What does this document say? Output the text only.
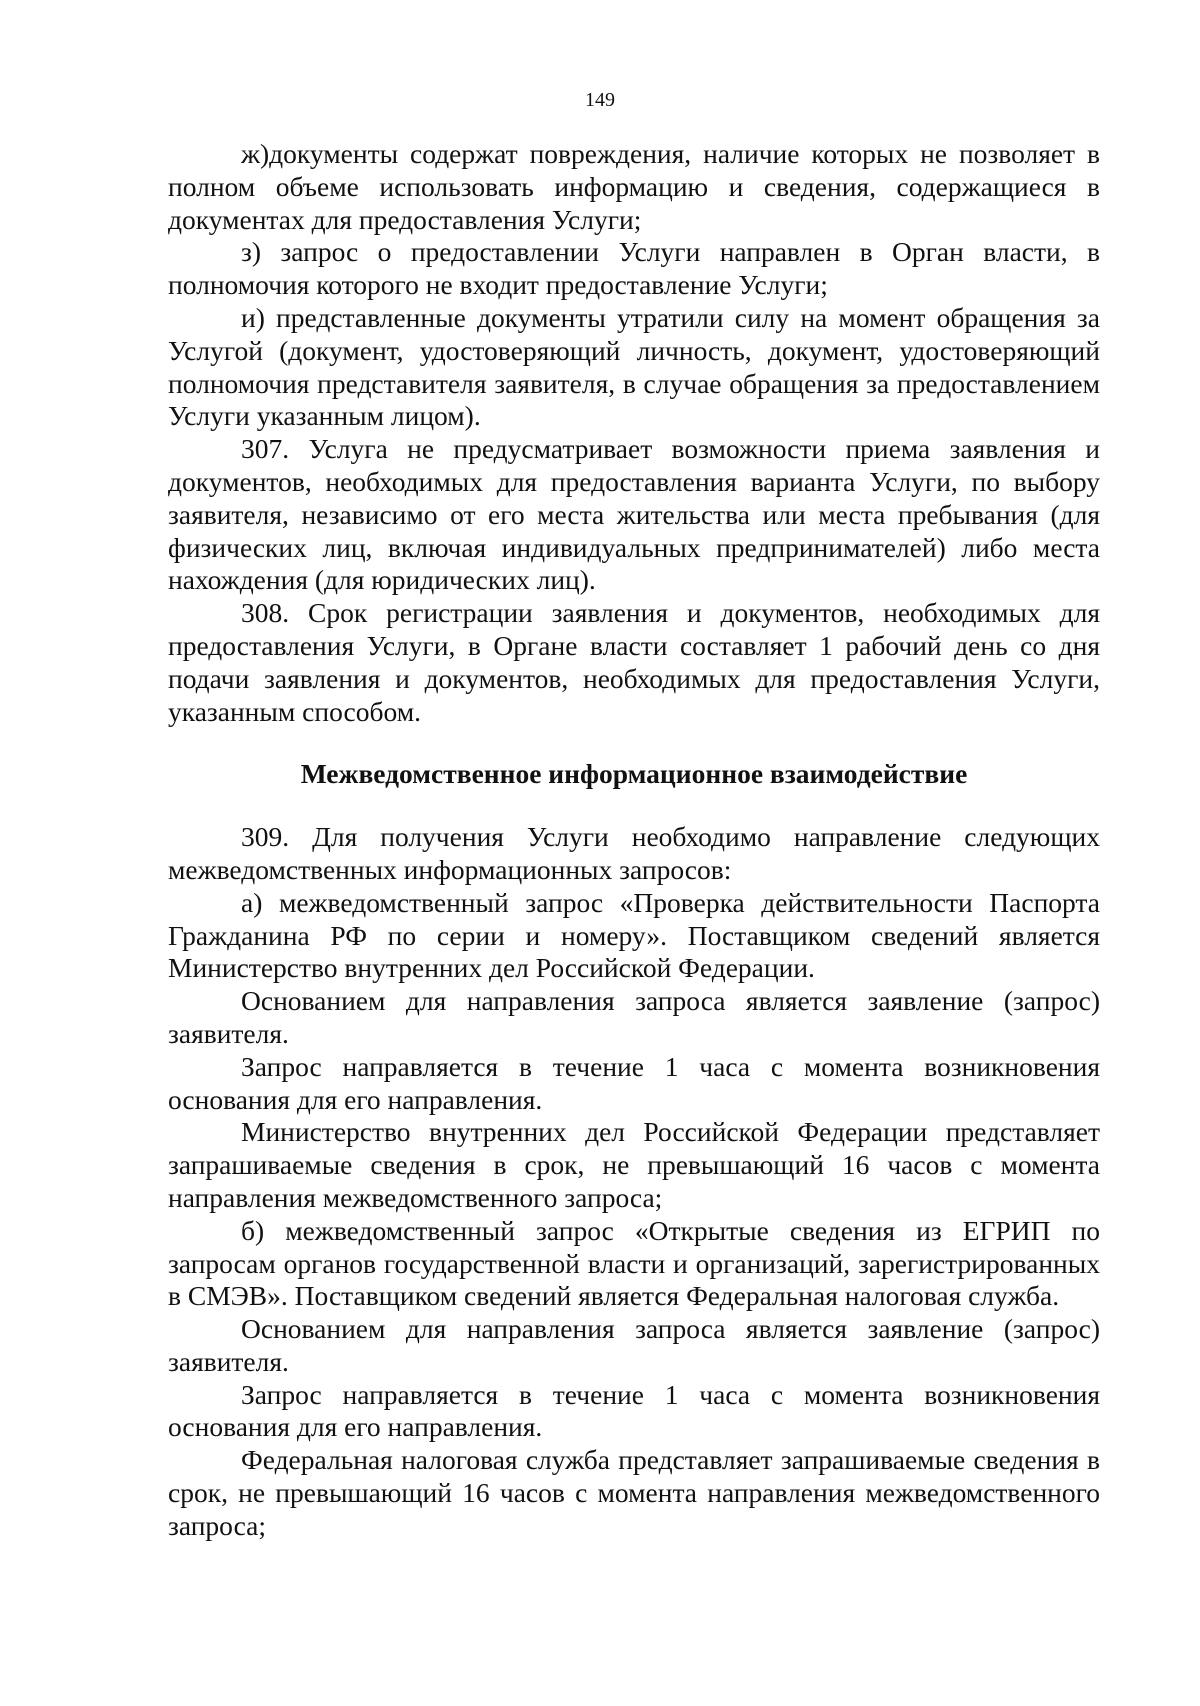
149

ж)документы содержат повреждения, наличие которых не позволяет в полном объеме использовать информацию и сведения, содержащиеся в документах для предоставления Услуги;

з) запрос о предоставлении Услуги направлен в Орган власти, в полномочия которого не входит предоставление Услуги;

и) представленные документы утратили силу на момент обращения за Услугой (документ, удостоверяющий личность, документ, удостоверяющий полномочия представителя заявителя, в случае обращения за предоставлением Услуги указанным лицом).

307. Услуга не предусматривает возможности приема заявления и документов, необходимых для предоставления варианта Услуги, по выбору заявителя, независимо от его места жительства или места пребывания (для физических лиц, включая индивидуальных предпринимателей) либо места нахождения (для юридических лиц).

308. Срок регистрации заявления и документов, необходимых для предоставления Услуги, в Органе власти составляет 1 рабочий день со дня подачи заявления и документов, необходимых для предоставления Услуги, указанным способом.

Межведомственное информационное взаимодействие

309. Для получения Услуги необходимо направление следующих межведомственных информационных запросов:

а) межведомственный запрос «Проверка действительности Паспорта Гражданина РФ по серии и номеру». Поставщиком сведений является Министерство внутренних дел Российской Федерации.

Основанием для направления запроса является заявление (запрос) заявителя.

Запрос направляется в течение 1 часа с момента возникновения основания для его направления.

Министерство внутренних дел Российской Федерации представляет запрашиваемые сведения в срок, не превышающий 16 часов с момента направления межведомственного запроса;

б) межведомственный запрос «Открытые сведения из ЕГРИП по запросам органов государственной власти и организаций, зарегистрированных в СМЭВ». Поставщиком сведений является Федеральная налоговая служба.

Основанием для направления запроса является заявление (запрос) заявителя.

Запрос направляется в течение 1 часа с момента возникновения основания для его направления.

Федеральная налоговая служба представляет запрашиваемые сведения в срок, не превышающий 16 часов с момента направления межведомственного запроса;
